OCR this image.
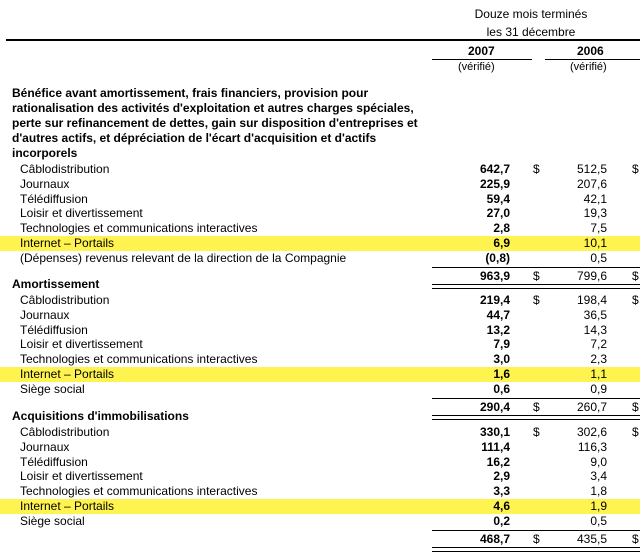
Douze mois terminés
les 31 décembre
2007	2006
(vérifié)	(vérifié)
Bénéfice avant amortissement, frais financiers, provision pour rationalisation des activités d'exploitation et autres charges spéciales, perte sur refinancement de dettes, gain sur disposition d'entreprises et d'autres actifs, et dépréciation de l'écart d'acquisition et d'actifs incorporels
Câblodistribution	642,7	512,5
$	$
Journaux	225,9	207,6
Télédiffusion	59,4	42,1
Loisir et divertissement	27,0	19,3
Technologies et communications interactives	2,8	7,5
Internet – Portails	6,9	10,1
(Dépenses) revenus relevant de la direction de la Compagnie	(0,8)	0,5
963,9 $	799,6 $
Amortissement
Câblodistribution	219,4	198,4
$	$
Journaux	44,7	36,5
Télédiffusion	13,2	14,3
Loisir et divertissement	7,9	7,2
Technologies et communications interactives	3,0	2,3
Internet – Portails	1,6	1,1
Siège social	0,6	0,9
290,4 $	260,7 $
Acquisitions d'immobilisations
Câblodistribution	330,1	302,6
$	$
Journaux	111,4	116,3
Télédiffusion	16,2	9,0
Loisir et divertissement	2,9	3,4
Technologies et communications interactives	3,3	1,8
Internet – Portails	4,6	1,9
Siège social	0,2	0,5
468,7 $	435,5 $
